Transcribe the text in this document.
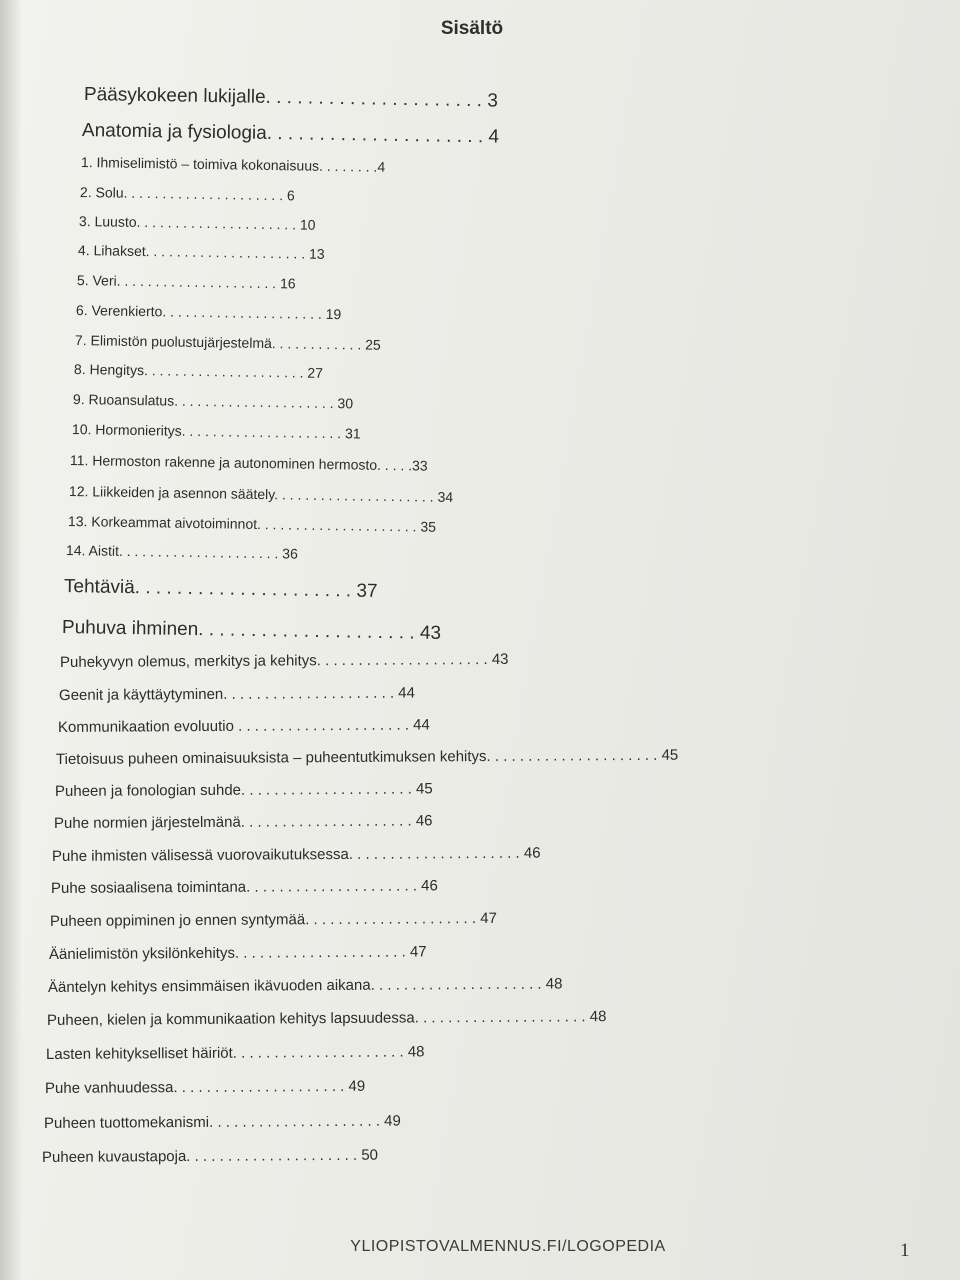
Sisältö
Pääsykokeen lukijalle. . . . . . . . . . . . . . . . . . . . . 3
Anatomia ja fysiologia. . . . . . . . . . . . . . . . . . . . . 4
1. Ihmiselimistö – toimiva kokonaisuus. . . . . . . .4
2. Solu. . . . . . . . . . . . . . . . . . . . . 6
3. Luusto. . . . . . . . . . . . . . . . . . . . . 10
4. Lihakset. . . . . . . . . . . . . . . . . . . . . 13
5. Veri. . . . . . . . . . . . . . . . . . . . . 16
6. Verenkierto. . . . . . . . . . . . . . . . . . . . . 19
7. Elimistön puolustujärjestelmä. . . . . . . . . . . . 25
8. Hengitys. . . . . . . . . . . . . . . . . . . . . 27
9. Ruoansulatus. . . . . . . . . . . . . . . . . . . . . 30
10. Hormonieritys. . . . . . . . . . . . . . . . . . . . . 31
11. Hermoston rakenne ja autonominen hermosto. . . . .33
12. Liikkeiden ja asennon säätely. . . . . . . . . . . . . . . . . . . . . 34
13. Korkeammat aivotoiminnot. . . . . . . . . . . . . . . . . . . . . 35
14. Aistit. . . . . . . . . . . . . . . . . . . . . 36
Tehtäviä. . . . . . . . . . . . . . . . . . . . . 37
Puhuva ihminen. . . . . . . . . . . . . . . . . . . . . 43
Puhekyvyn olemus, merkitys ja kehitys. . . . . . . . . . . . . . . . . . . . . 43
Geenit ja käyttäytyminen. . . . . . . . . . . . . . . . . . . . . 44
Kommunikaation evoluutio . . . . . . . . . . . . . . . . . . . . . 44
Tietoisuus puheen ominaisuuksista – puheentutkimuksen kehitys. . . . . . . . . . . . . . . . . . . . . 45
Puheen ja fonologian suhde. . . . . . . . . . . . . . . . . . . . . 45
Puhe normien järjestelmänä. . . . . . . . . . . . . . . . . . . . . 46
Puhe ihmisten välisessä vuorovaikutuksessa. . . . . . . . . . . . . . . . . . . . . 46
Puhe sosiaalisena toimintana. . . . . . . . . . . . . . . . . . . . . 46
Puheen oppiminen jo ennen syntymää. . . . . . . . . . . . . . . . . . . . . 47
Äänielimistön yksilönkehitys. . . . . . . . . . . . . . . . . . . . . 47
Ääntelyn kehitys ensimmäisen ikävuoden aikana. . . . . . . . . . . . . . . . . . . . . 48
Puheen, kielen ja kommunikaation kehitys lapsuudessa. . . . . . . . . . . . . . . . . . . . . 48
Lasten kehitykselliset häiriöt. . . . . . . . . . . . . . . . . . . . . 48
Puhe vanhuudessa. . . . . . . . . . . . . . . . . . . . . 49
Puheen tuottomekanismi. . . . . . . . . . . . . . . . . . . . . 49
Puheen kuvaustapoja. . . . . . . . . . . . . . . . . . . . . 50
YLIOPISTOVALMENNUS.FI/LOGOPEDIA	1
